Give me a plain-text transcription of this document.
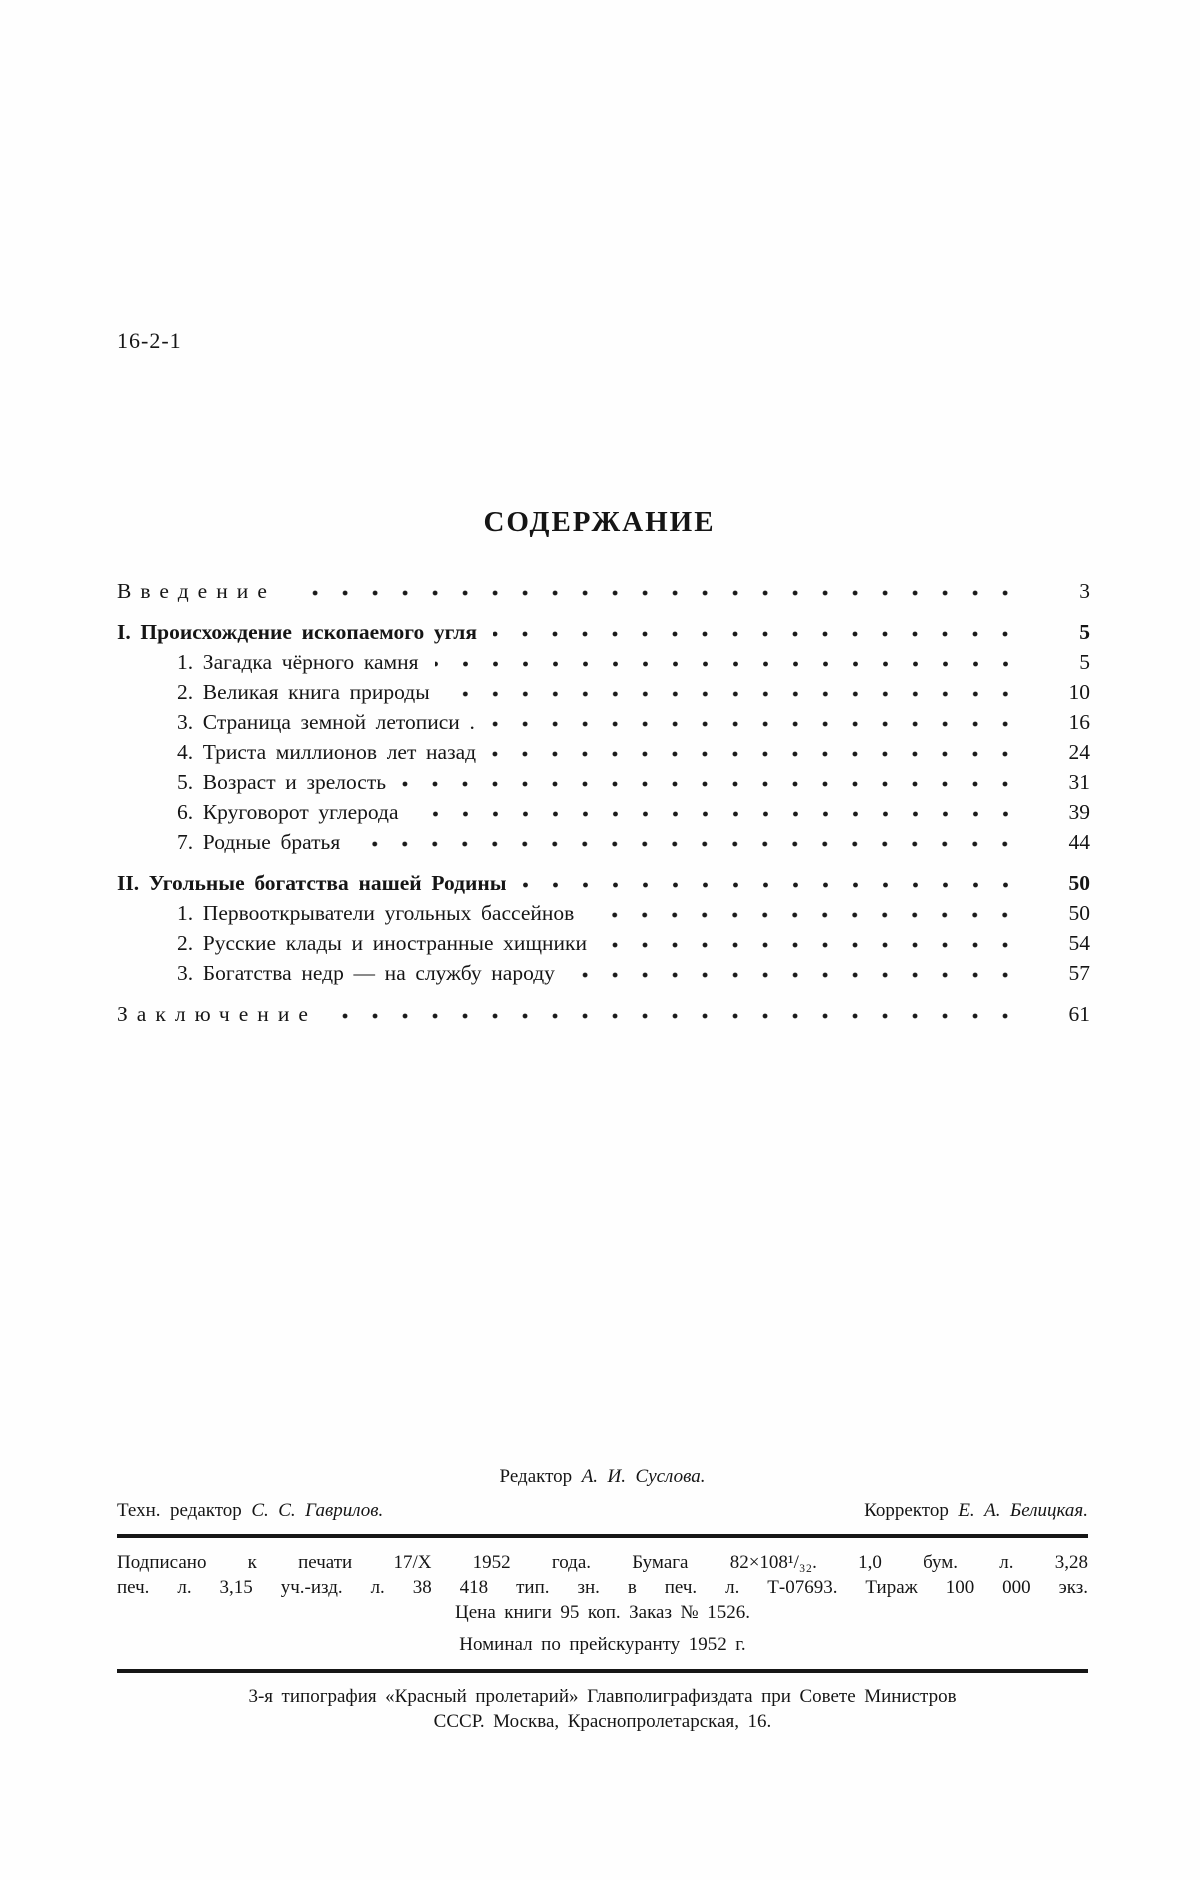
16-2-1
СОДЕРЖАНИЕ
Введение	3
I. Происхождение ископаемого угля	5
1. Загадка чёрного камня	5
2. Великая книга природы	10
3. Страница земной летописи .	16
4. Триста миллионов лет назад	24
5. Возраст и зрелость	31
6. Круговорот углерода	39
7. Родные братья	44
II. Угольные богатства нашей Родины	50
1. Первооткрыватели угольных бассейнов	50
2. Русские клады и иностранные хищники	54
3. Богатства недр — на службу народу	57
Заключение	61
Редактор А. И. Суслова.
Техн. редактор С. С. Гаврилов.	Корректор Е. А. Белицкая.
Подписано к печати 17/X 1952 года. Бумага 82×108¹/₃₂. 1,0 бум. л. 3,28
печ. л. 3,15 уч.-изд. л. 38 418 тип. зн. в печ. л. Т-07693. Тираж 100 000 экз.
Цена книги 95 коп. Заказ № 1526.
Номинал по прейскуранту 1952 г.
3-я типография «Красный пролетарий» Главполиграфиздата при Совете Министров
СССР. Москва, Краснопролетарская, 16.
